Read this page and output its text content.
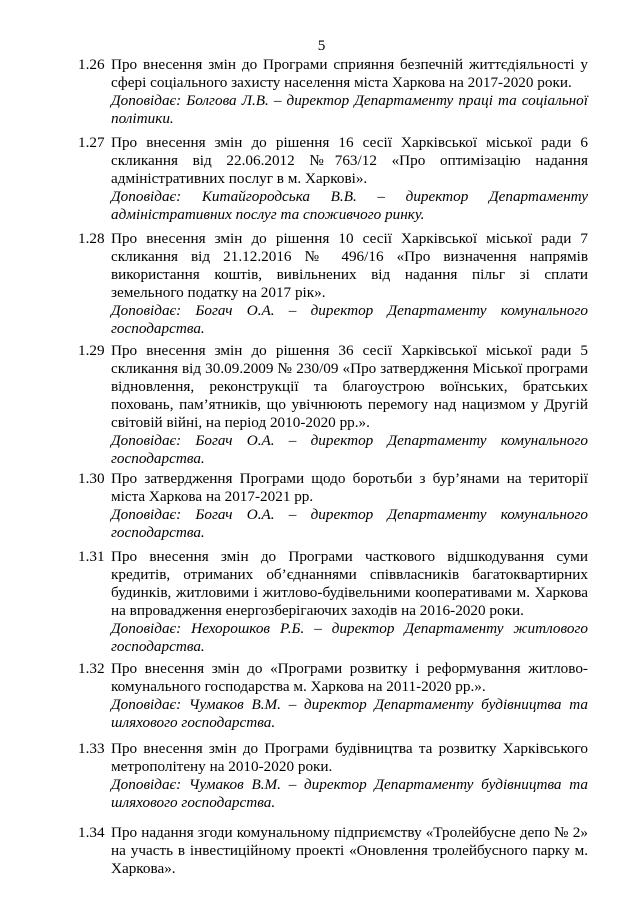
5
1.26 Про внесення змін до Програми сприяння безпечній життєдіяльності у сфері соціального захисту населення міста Харкова на 2017-2020 роки.

Доповідає: Болгова Л.В. – директор Департаменту праці та соціальної політики.

1.27 Про внесення змін до рішення 16 сесії Харківської міської ради 6 скликання від 22.06.2012 №763/12 «Про оптимізацію надання адміністративних послуг в м. Харкові».

Доповідає: Китайгородська В.В. – директор Департаменту адміністративних послуг та споживчого ринку.

1.28 Про внесення змін до рішення 10 сесії Харківської міської ради 7 скликання від 21.12.2016 № 496/16 «Про визначення напрямів використання коштів, вивільнених від надання пільг зі сплати земельного податку на 2017 рік».

Доповідає: Богач О.А. – директор Департаменту комунального господарства.

1.29 Про внесення змін до рішення 36 сесії Харківської міської ради 5 скликання від 30.09.2009 № 230/09 «Про затвердження Міської програми відновлення, реконструкції та благоустрою воїнських, братських поховань, пам’ятників, що увічнюють перемогу над нацизмом у Другій світовій війні, на період 2010-2020 рр.».

Доповідає: Богач О.А. – директор Департаменту комунального господарства.

1.30 Про затвердження Програми щодо боротьби з бур’янами на території міста Харкова на 2017-2021 рр.

Доповідає: Богач О.А. – директор Департаменту комунального господарства.

1.31 Про внесення змін до Програми часткового відшкодування суми кредитів, отриманих об’єднаннями співвласників багатоквартирних будинків, житловими і житлово-будівельними кооперативами м. Харкова на впровадження енергозберігаючих заходів на 2016-2020 роки.

Доповідає: Нехорошков Р.Б. – директор Департаменту житлового господарства.

1.32 Про внесення змін до «Програми розвитку і реформування житлово-комунального господарства м. Харкова на 2011-2020 рр.».

Доповідає: Чумаков В.М. – директор Департаменту будівництва та шляхового господарства.

1.33 Про внесення змін до Програми будівництва та розвитку Харківського метрополітену на 2010-2020 роки.

Доповідає: Чумаков В.М. – директор Департаменту будівництва та шляхового господарства.

1.34 Про надання згоди комунальному підприємству «Тролейбусне депо № 2» на участь в інвестиційному проекті «Оновлення тролейбусного парку м. Харкова».
